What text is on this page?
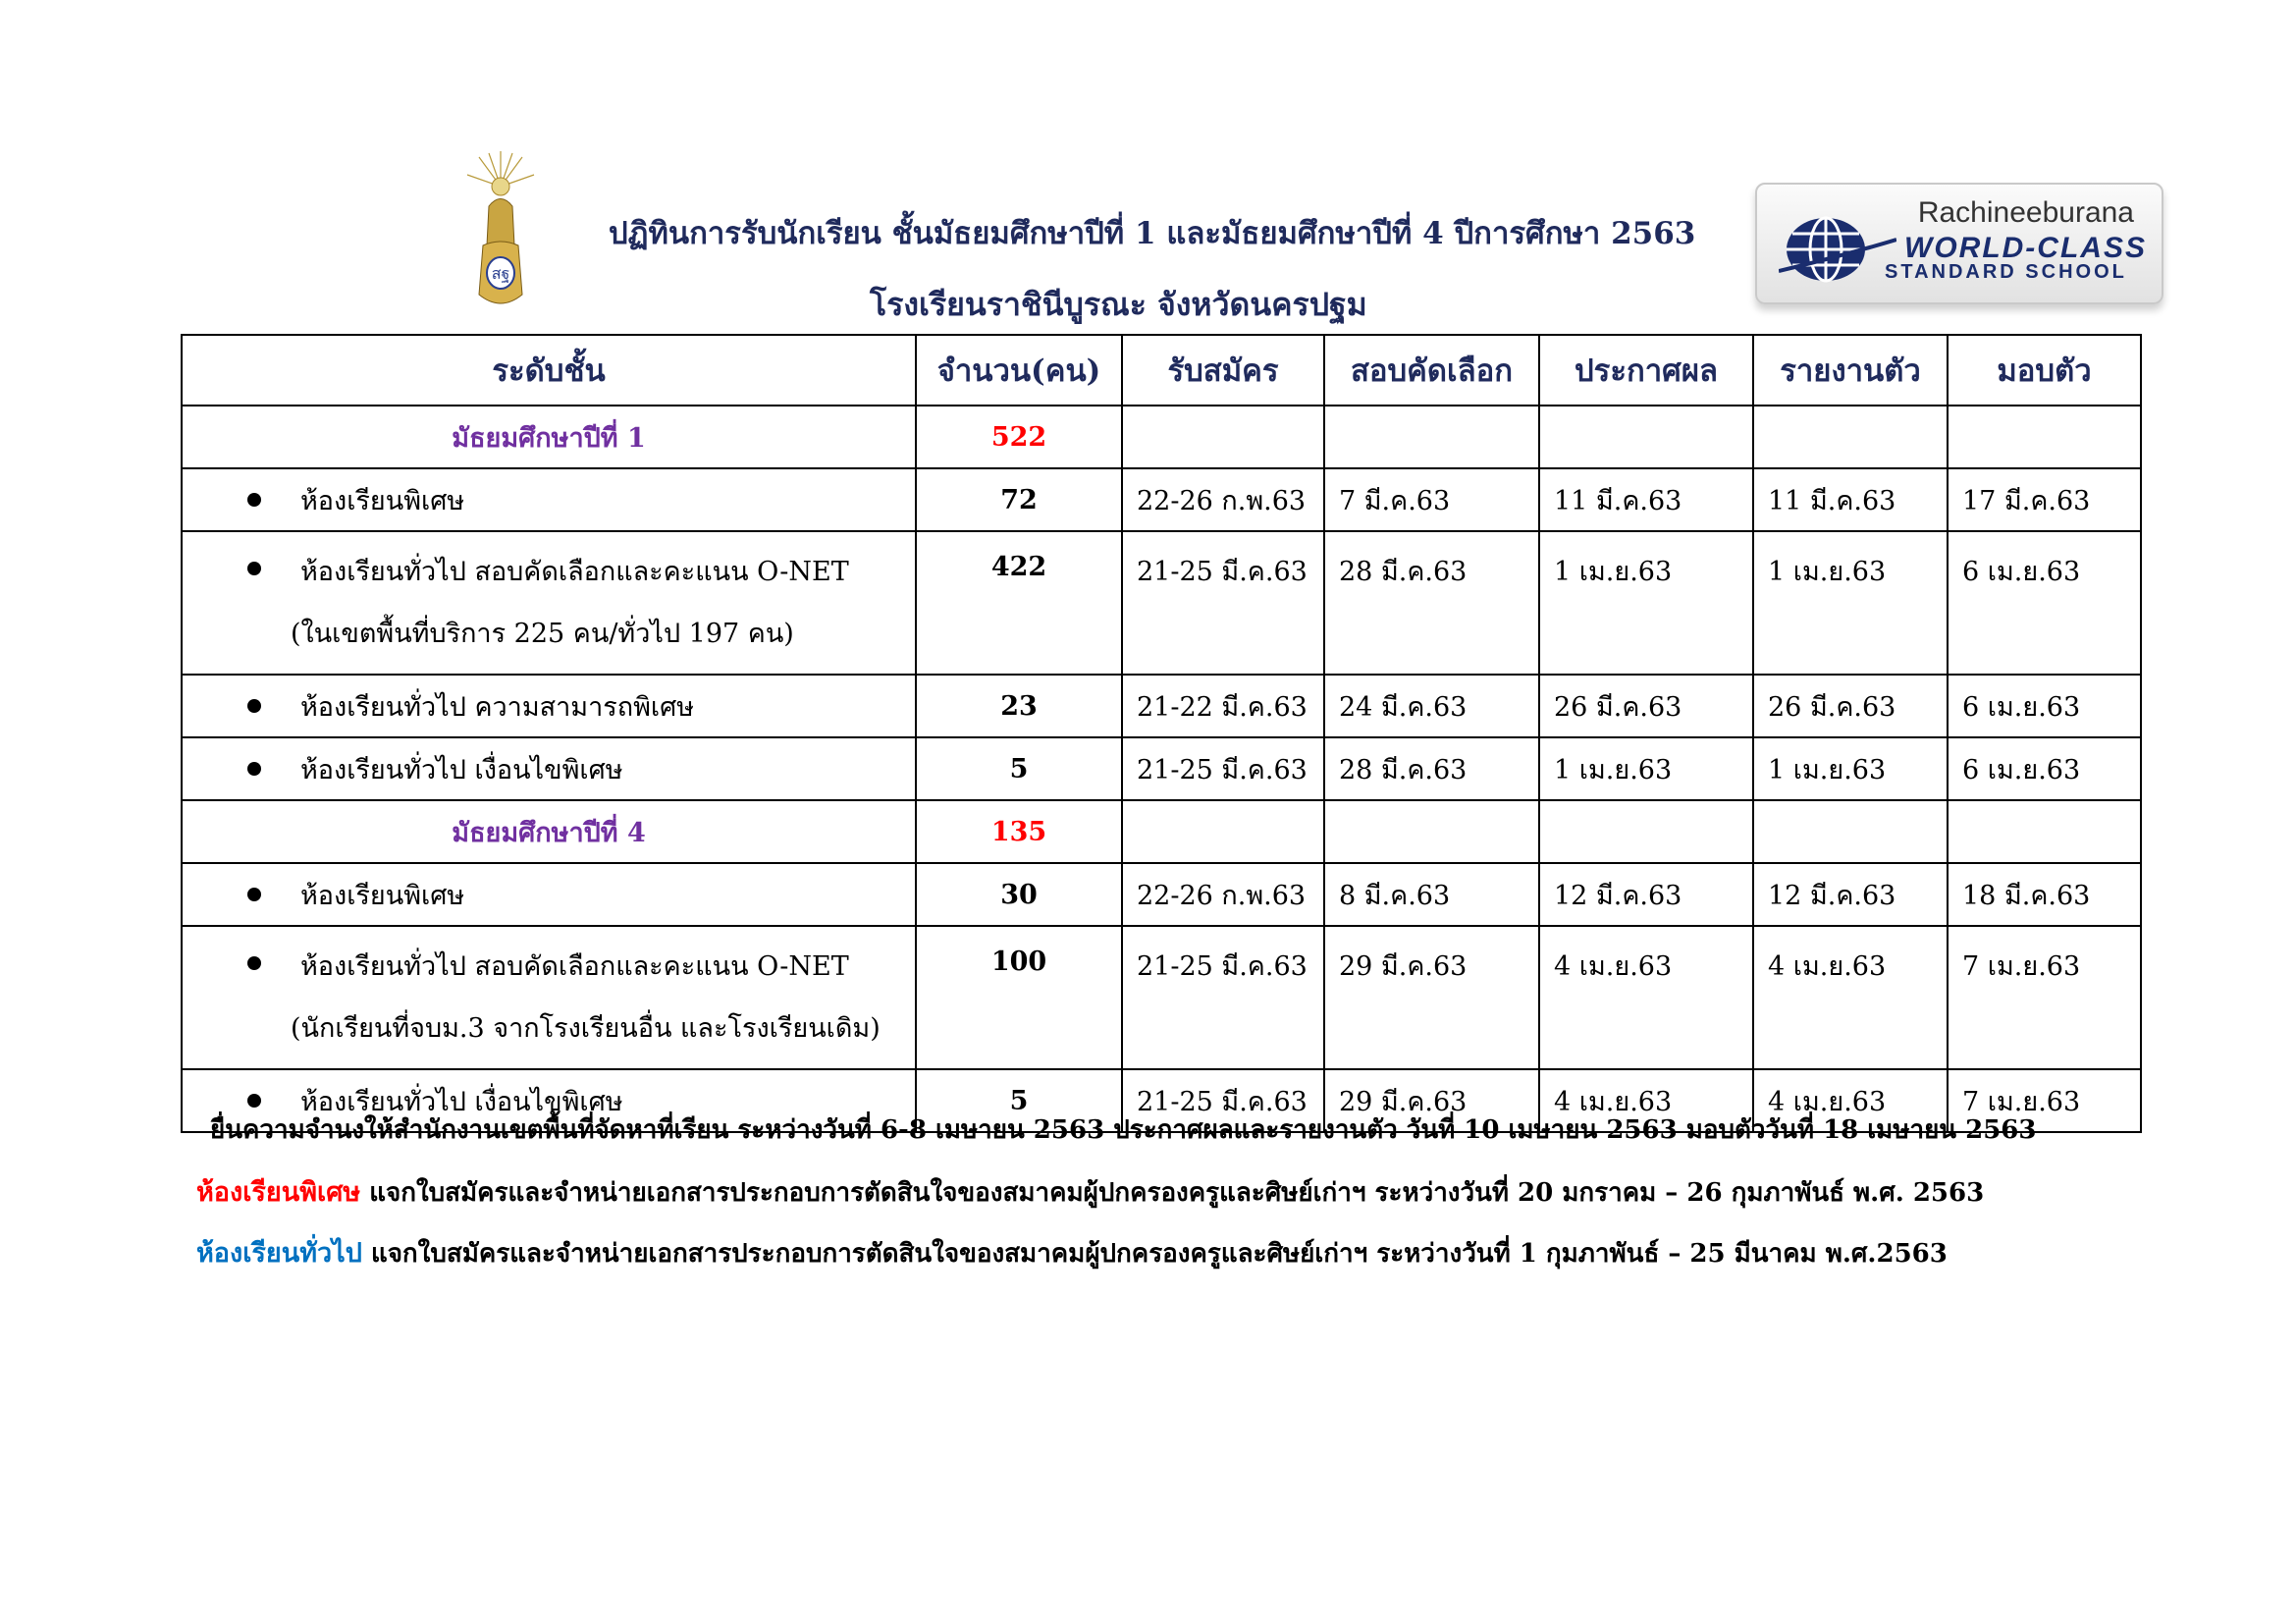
สฐ
ปฏิทินการรับนักเรียน ชั้นมัธยมศึกษาปีที่ 1 และมัธยมศึกษาปีที่ 4 ปีการศึกษา 2563
โรงเรียนราชินีบูรณะ จังหวัดนครปฐม
Rachineeburana
WORLD-CLASS
STANDARD SCHOOL
ระดับชั้น	จำนวน(คน)	รับสมัคร	สอบคัดเลือก	ประกาศผล	รายงานตัว	มอบตัว
มัธยมศึกษาปีที่ 1	522					

ห้องเรียนพิเศษ	72	22-26 ก.พ.63	7 มี.ค.63	11 มี.ค.63	11 มี.ค.63	17 มี.ค.63

ห้องเรียนทั่วไป สอบคัดเลือกและคะแนน O-NET
(ในเขตพื้นที่บริการ 225 คน/ทั่วไป 197 คน)	422	21-25 มี.ค.63	28 มี.ค.63	1 เม.ย.63	1 เม.ย.63	6 เม.ย.63

ห้องเรียนทั่วไป ความสามารถพิเศษ	23	21-22 มี.ค.63	24 มี.ค.63	26 มี.ค.63	26 มี.ค.63	6 เม.ย.63

ห้องเรียนทั่วไป เงื่อนไขพิเศษ	5	21-25 มี.ค.63	28 มี.ค.63	1 เม.ย.63	1 เม.ย.63	6 เม.ย.63
มัธยมศึกษาปีที่ 4	135					

ห้องเรียนพิเศษ	30	22-26 ก.พ.63	8 มี.ค.63	12 มี.ค.63	12 มี.ค.63	18 มี.ค.63

ห้องเรียนทั่วไป สอบคัดเลือกและคะแนน O-NET
(นักเรียนที่จบม.3 จากโรงเรียนอื่น และโรงเรียนเดิม)	100	21-25 มี.ค.63	29 มี.ค.63	4 เม.ย.63	4 เม.ย.63	7 เม.ย.63

ห้องเรียนทั่วไป เงื่อนไขพิเศษ	5	21-25 มี.ค.63	29 มี.ค.63	4 เม.ย.63	4 เม.ย.63	7 เม.ย.63
ยื่นความจำนงให้สำนักงานเขตพื้นที่จัดหาที่เรียน ระหว่างวันที่ 6-8 เมษายน 2563 ประกาศผลและรายงานตัว วันที่ 10 เมษายน 2563 มอบตัววันที่ 18 เมษายน 2563
ห้องเรียนพิเศษ แจกใบสมัครและจำหน่ายเอกสารประกอบการตัดสินใจของสมาคมผู้ปกครองครูและศิษย์เก่าฯ ระหว่างวันที่ 20 มกราคม – 26 กุมภาพันธ์ พ.ศ. 2563
ห้องเรียนทั่วไป แจกใบสมัครและจำหน่ายเอกสารประกอบการตัดสินใจของสมาคมผู้ปกครองครูและศิษย์เก่าฯ ระหว่างวันที่ 1 กุมภาพันธ์ – 25 มีนาคม พ.ศ.2563
